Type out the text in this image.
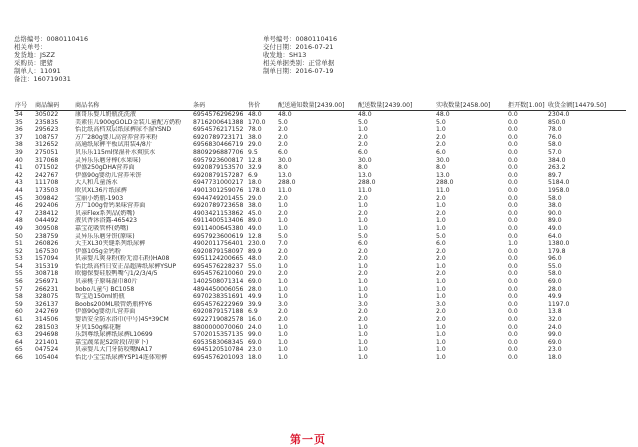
总络编号：0080110416
相关单号：
发货地：JSZZ
采购员：肥猪
制单人：11091
备注：160719031
单号编号：0080110416
交付日期：2016-07-21
收发地：SH13
相关单据类别：正常单据
制单日期：2016-07-19
序号	商品编码	商品名称	条码	售价	配送通知数量[2439.00]	配送数量[2439.00]	实收数量[2458.00]	拒开数[1.00]	收货金额[14479.50]
34	305022	康哥乐婴儿奶瓶洗洗液	6954576296296	48.0	48.0	48.0	48.0	0.0	2304.0
35	235835	美素佳儿900gGOLD金装儿童配方奶粉	8716200641388	170.0	5.0	5.0	5.0	0.0	850.0
36	295623	怡比纸高档双层纸尿裤尿不湿YSND	6954576217152	78.0	2.0	1.0	1.0	0.0	78.0
37	108757	方广280g婴儿高营养营养米粉	6920789723171	38.0	2.0	2.0	2.0	0.0	76.0
38	312652	高通纸尿裤平板试用装4/8片	6956830466719	29.0	2.0	2.0	2.0	0.0	58.0
39	275051	贝乐乐115ml保湿补水爽肤水	8809296887706	9.5	6.0	6.0	6.0	0.0	57.0
40	317068	灵异乐乐磨牙棒(水果味)	6957923600817	12.8	30.0	30.0	30.0	0.0	384.0
41	071502	伊盛250gDHA营养面	6920879153570	32.9	8.0	8.0	8.0	0.0	263.2
42	242767	伊盛90g婴幼儿营养米饼	6920879157287	6.9	13.0	13.0	13.0	0.0	89.7
43	111708	大人和儿童汤水	6947731000217	18.0	288.0	288.0	288.0	0.0	5184.0
44	173503	欧贝XL36片纸尿裤	4901301259076	178.0	11.0	11.0	11.0	0.0	1958.0
45	309842	宝丽小奶瓶-1903	6944749201455	29.0	2.0	2.0	2.0	0.0	58.0
46	292406	方广100g骨钙果味营养面	6920789723658	38.0	1.0	1.0	1.0	0.0	38.0
47	238412	贝亲Flex系列品(奶嘴)	4903421153862	45.0	2.0	2.0	2.0	0.0	90.0
48	044492	液贝香沐浴露-465423	6911400513406	89.0	1.0	1.0	1.0	0.0	89.0
49	309508	嘉宝花吸管杯(奶嘴)	6911400645380	49.0	1.0	1.0	1.0	0.0	49.0
50	238759	灵异乐乐磨牙饼(原味)	6957923600619	12.8	5.0	5.0	5.0	0.0	64.0
51	260826	大王XL30夹缝系列纸尿裤	4902011756401	230.0	7.0	6.0	6.0	1.0	1380.0
52	167530	伊盛105g金钙粉	6920879158097	89.9	2.0	2.0	2.0	0.0	179.8
53	157094	贝亲婴儿爽身粉(粉无滑石粉)HA08	6951124200665	48.0	2.0	2.0	2.0	0.0	96.0
54	315319	怡比纸高档日安正品超薄纸尿裤YSUP	6954576228237	55.0	1.0	1.0	1.0	0.0	55.0
55	308718	欧德保婴硅胶鸭嘴勺1/2/3/4/5	6954576210060	29.0	2.0	2.0	2.0	0.0	58.0
56	256971	贝亲桃子原味湿巾80片	1402508071314	69.0	1.0	1.0	1.0	0.0	69.0
57	266231	bobo儿童勺 BC1058	4894450006056	28.0	1.0	1.0	1.0	0.0	28.0
58	328075	帮宝适150ml奶瓶	6970238351691	49.9	1.0	1.0	1.0	0.0	49.9
59	326137	Boobs200ML吸管奶瓶杯Y6	6954576222969	39.9	3.0	3.0	3.0	0.0	1197.0
60	242769	伊盛90g婴幼儿营养面	6920879157188	6.9	2.0	2.0	2.0	0.0	13.8
61	314506	婴语安全防水浴巾(中号)45*39CM	6922719082578	16.0	2.0	2.0	2.0	0.0	32.0
62	281503	牙贝150g棉花糖	8800000070060	24.0	1.0	1.0	1.0	0.0	24.0
63	294698	乐到尊纸尿裤纸尿裤L10699	5702015357135	99.0	1.0	1.0	1.0	0.0	99.0
64	221401	嘉宝蔬菜泥S2阶段(胡萝卜)	6953583068345	69.0	1.0	1.0	1.0	0.0	69.0
65	047524	贝亲婴儿大门牙防咬嘴NA17	6945120510784	23.0	1.0	1.0	1.0	0.0	23.0
66	105404	怡比小宝宝纸尿裤YSP14连体短裤	6954576201093	18.0	1.0	1.0	1.0	0.0	18.0
第一页
